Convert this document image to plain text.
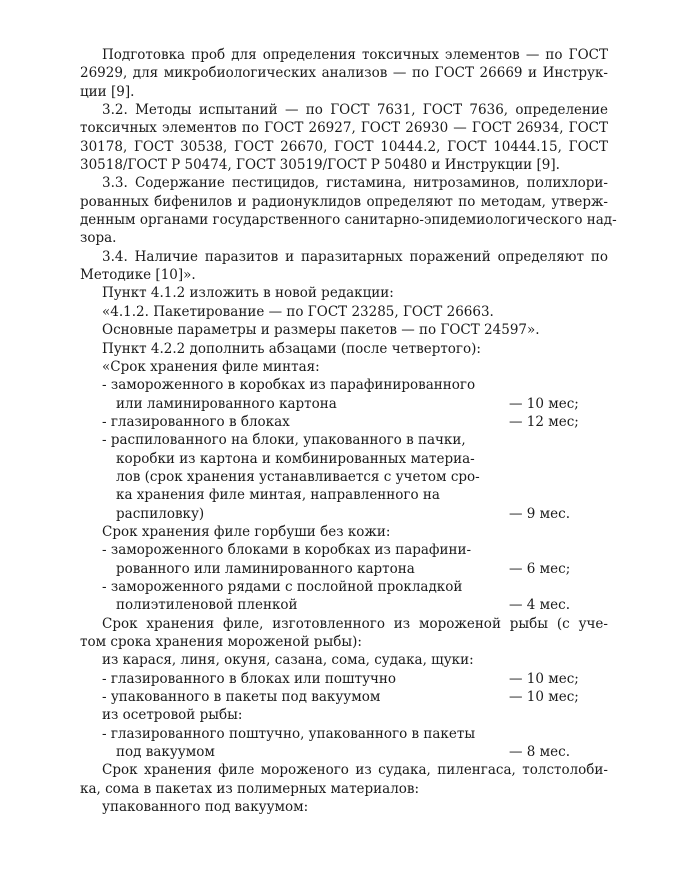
Подготовка проб для определения токсичных элементов — по ГОСТ
26929, для микробиологических анализов — по ГОСТ 26669 и Инструк-
ции [9].
3.2. Методы испытаний — по ГОСТ 7631, ГОСТ 7636, определение
токсичных элементов по ГОСТ 26927, ГОСТ 26930 — ГОСТ 26934, ГОСТ
30178, ГОСТ 30538, ГОСТ 26670, ГОСТ 10444.2, ГОСТ 10444.15, ГОСТ
30518/ГОСТ Р 50474, ГОСТ 30519/ГОСТ Р 50480 и Инструкции [9].
3.3. Содержание пестицидов, гистамина, нитрозаминов, полихлори-
рованных бифенилов и радионуклидов определяют по методам, утверж-
денным органами государственного санитарно-эпидемиологического над-
зора.
3.4. Наличие паразитов и паразитарных поражений определяют по
Методике [10]».
Пункт 4.1.2 изложить в новой редакции:
«4.1.2. Пакетирование — по ГОСТ 23285, ГОСТ 26663.
Основные параметры и размеры пакетов — по ГОСТ 24597».
Пункт 4.2.2 дополнить абзацами (после четвертого):
«Срок хранения филе минтая:
- замороженного в коробках из парафинированного
или ламинированного картона	— 10 мес;
- глазированного в блоках	— 12 мес;
- распилованного на блоки, упакованного в пачки,
коробки из картона и комбинированных материа-
лов (срок хранения устанавливается с учетом сро-
ка хранения филе минтая, направленного на
распиловку)	— 9 мес.
Срок хранения филе горбуши без кожи:
- замороженного блоками в коробках из парафини-
рованного или ламинированного картона	— 6 мес;
- замороженного рядами с послойной прокладкой
полиэтиленовой пленкой	— 4 мес.
Срок хранения филе, изготовленного из мороженой рыбы (с уче-
том срока хранения мороженой рыбы):
из карася, линя, окуня, сазана, сома, судака, щуки:
- глазированного в блоках или поштучно	— 10 мес;
- упакованного в пакеты под вакуумом	— 10 мес;
из осетровой рыбы:
- глазированного поштучно, упакованного в пакеты
под вакуумом	— 8 мес.
Срок хранения филе мороженого из судака, пиленгаса, толстолоби-
ка, сома в пакетах из полимерных материалов:
упакованного под вакуумом:
